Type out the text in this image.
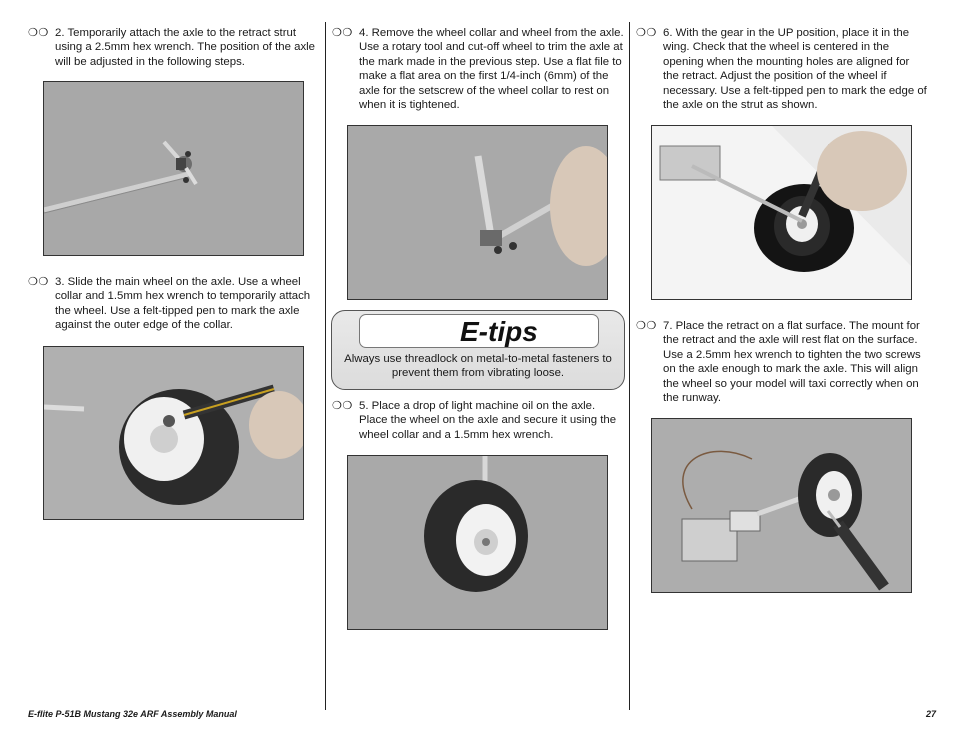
❍❍ 2. Temporarily attach the axle to the retract strut using a 2.5mm hex wrench. The position of the axle will be adjusted in the following steps.
❍❍ 3. Slide the main wheel on the axle. Use a wheel collar and 1.5mm hex wrench to temporarily attach the wheel. Use a felt-tipped pen to mark the axle against the outer edge of the collar.
❍❍ 4. Remove the wheel collar and wheel from the axle. Use a rotary tool and cut-off wheel to trim the axle at the mark made in the previous step. Use a flat file to make a flat area on the first 1/4-inch (6mm) of the axle for the setscrew of the wheel collar to rest on when it is tightened.
E-tips
Always use threadlock on metal-to-metal fasteners to prevent them from vibrating loose.
❍❍ 5. Place a drop of light machine oil on the axle. Place the wheel on the axle and secure it using the wheel collar and a 1.5mm hex wrench.
❍❍ 6. With the gear in the UP position, place it in the wing. Check that the wheel is centered in the opening when the mounting holes are aligned for the retract. Adjust the position of the wheel if necessary. Use a felt-tipped pen to mark the edge of the axle on the strut as shown.
❍❍ 7. Place the retract on a flat surface. The mount for the retract and the axle will rest flat on the surface. Use a 2.5mm hex wrench to tighten the two screws on the axle enough to mark the axle. This will align the wheel so your model will taxi correctly when on the runway.
E-flite P-51B Mustang 32e ARF Assembly Manual	27
